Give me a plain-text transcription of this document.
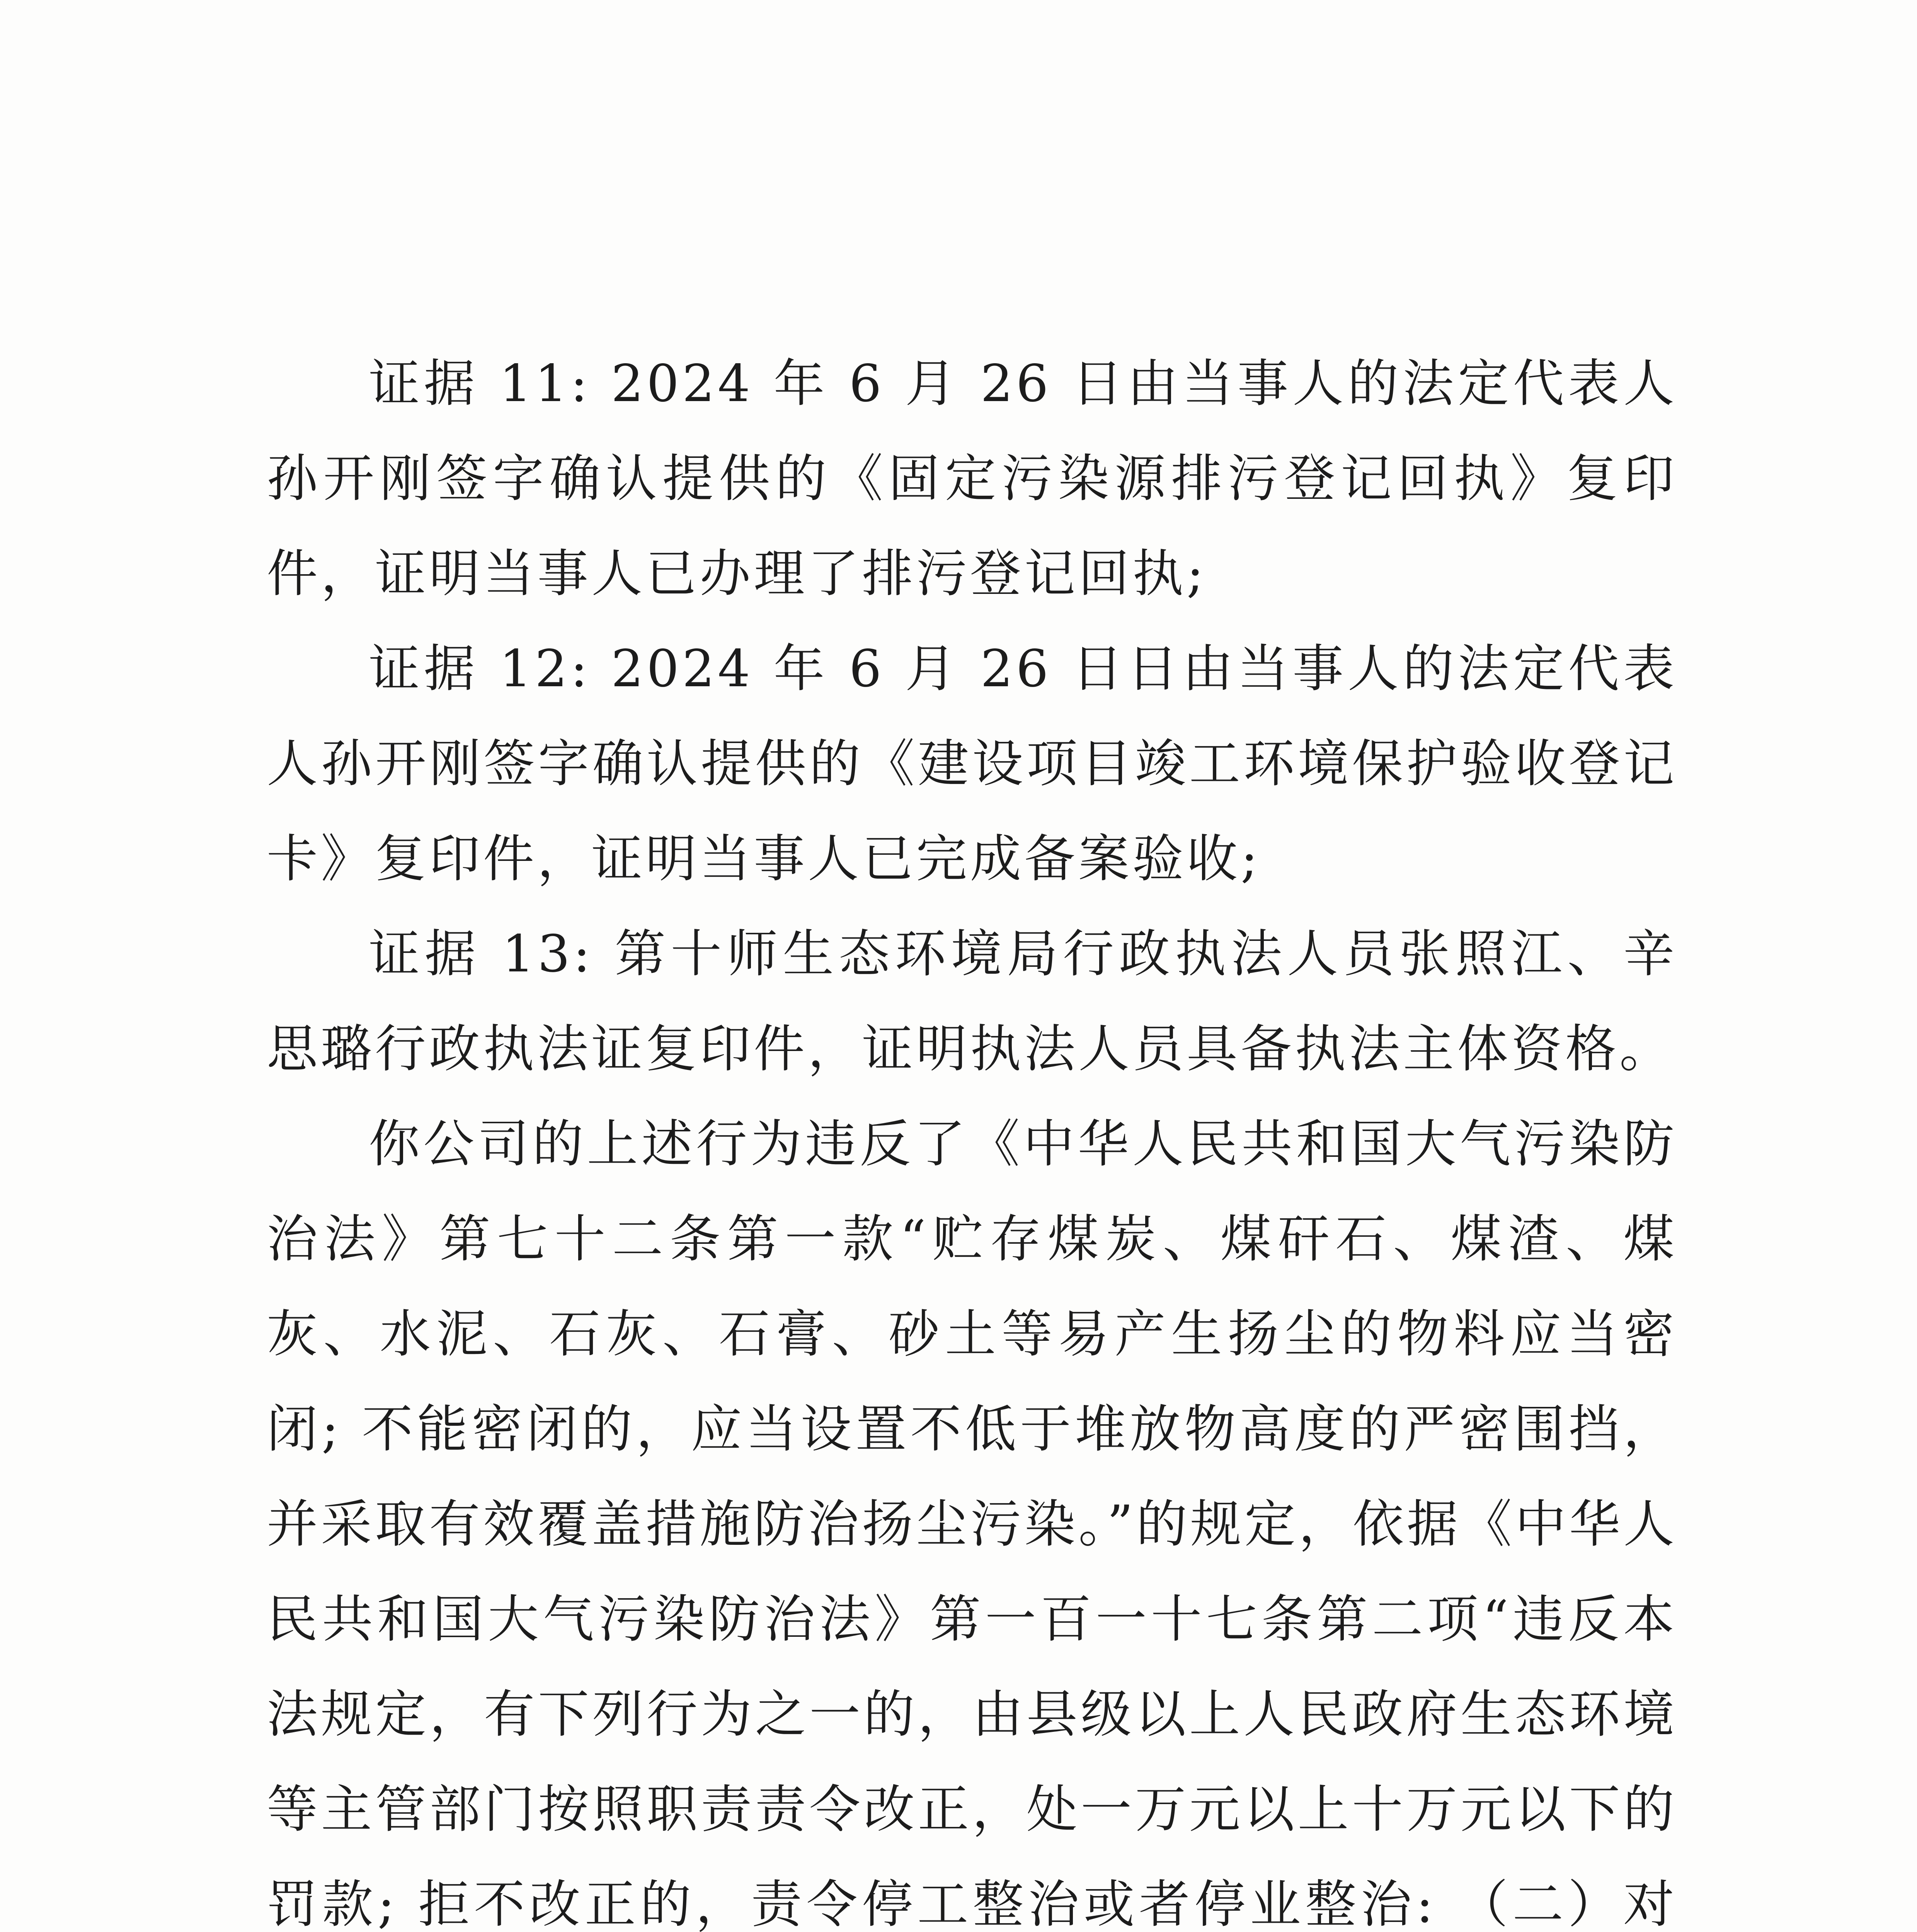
证据 11: 2024 年 6 月 26 日由当事人的法定代表人孙开刚签字确认提供的《固定污染源排污登记回执》复印件，证明当事人已办理了排污登记回执;

证据 12: 2024 年 6 月 26 日日由当事人的法定代表人孙开刚签字确认提供的《建设项目竣工环境保护验收登记卡》复印件，证明当事人已完成备案验收;

证据 13: 第十师生态环境局行政执法人员张照江、辛思璐行政执法证复印件，证明执法人员具备执法主体资格。

你公司的上述行为违反了《中华人民共和国大气污染防治法》第七十二条第一款“贮存煤炭、煤矸石、煤渣、煤灰、水泥、石灰、石膏、砂土等易产生扬尘的物料应当密闭; 不能密闭的，应当设置不低于堆放物高度的严密围挡，并采取有效覆盖措施防治扬尘污染。”的规定，依据《中华人民共和国大气污染防治法》第一百一十七条第二项“违反本法规定，有下列行为之一的，由县级以上人民政府生态环境等主管部门按照职责责令改正，处一万元以上十万元以下的罚款; 拒不改正的，责令停工整治或者停业整治: （二）对
